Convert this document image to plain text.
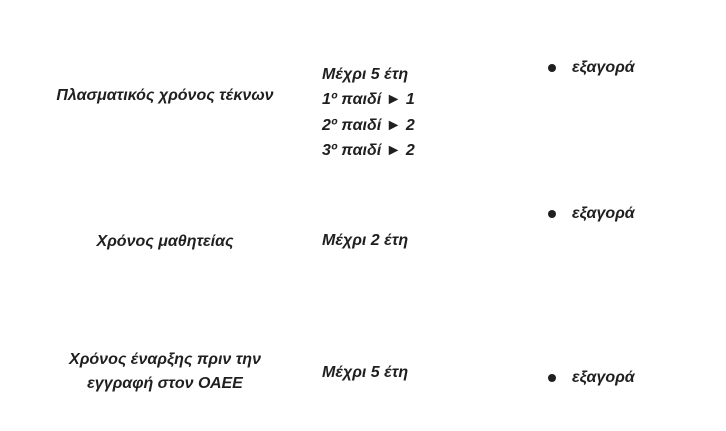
Πλασματικός χρόνος τέκνων
Μέχρι 5 έτη
1º παιδί ► 1
2º παιδί ► 2
3º παιδί ► 2
εξαγορά
Χρόνος μαθητείας	Μέχρι 2 έτη
εξαγορά
Χρόνος έναρξης πριν την
εγγραφή στον ΟΑΕΕ
Μέχρι 5 έτη	εξαγορά
